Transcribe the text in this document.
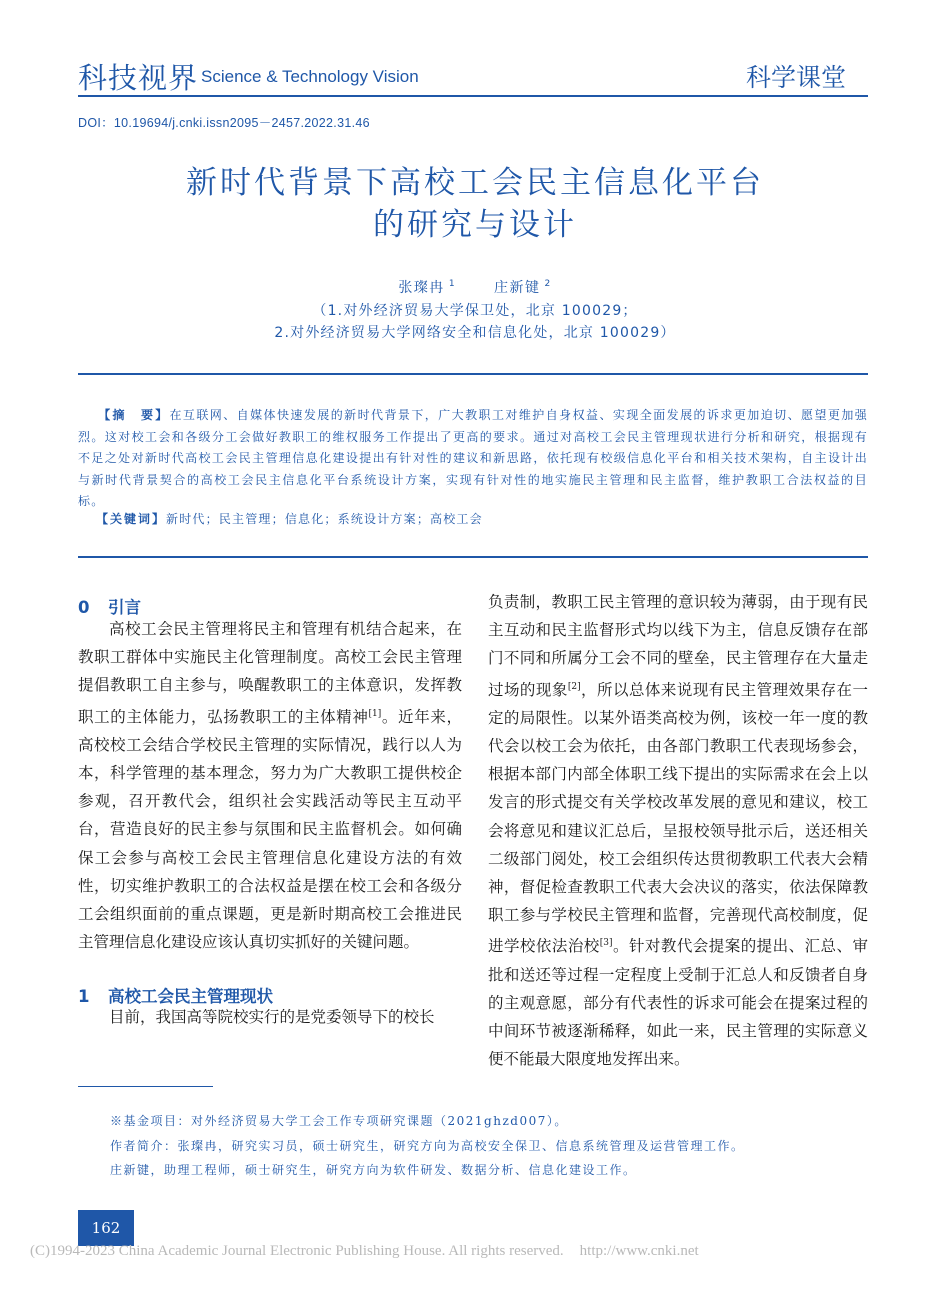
科技视界 Science & Technology Vision	科学课堂
DOI：10.19694/j.cnki.issn2095－2457.2022.31.46
新时代背景下高校工会民主信息化平台
的研究与设计
张璨冉 $^1$	庄新键 $^2$
（1.对外经济贸易大学保卫处，北京 100029；
2.对外经济贸易大学网络安全和信息化处，北京 100029）
【摘　要】在互联网、自媒体快速发展的新时代背景下，广大教职工对维护自身权益、实现全面发展的诉求更加迫切、愿望更加强烈。这对校工会和各级分工会做好教职工的维权服务工作提出了更高的要求。通过对高校工会民主管理现状进行分析和研究，根据现有不足之处对新时代高校工会民主管理信息化建设提出有针对性的建议和新思路，依托现有校级信息化平台和相关技术架构，自主设计出与新时代背景契合的高校工会民主信息化平台系统设计方案，实现有针对性的地实施民主管理和民主监督，维护教职工合法权益的目标。
【关键词】新时代；民主管理；信息化；系统设计方案；高校工会
0 引言

高校工会民主管理将民主和管理有机结合起来，在教职工群体中实施民主化管理制度。高校工会民主管理提倡教职工自主参与，唤醒教职工的主体意识，发挥教职工的主体能力，弘扬教职工的主体精神[1]。近年来，高校校工会结合学校民主管理的实际情况，践行以人为本，科学管理的基本理念，努力为广大教职工提供校企参观，召开教代会，组织社会实践活动等民主互动平台，营造良好的民主参与氛围和民主监督机会。如何确保工会参与高校工会民主管理信息化建设方法的有效性，切实维护教职工的合法权益是摆在校工会和各级分工会组织面前的重点课题，更是新时期高校工会推进民主管理信息化建设应该认真切实抓好的关键问题。

1 高校工会民主管理现状

目前，我国高等院校实行的是党委领导下的校长

负责制，教职工民主管理的意识较为薄弱，由于现有民主互动和民主监督形式均以线下为主，信息反馈存在部门不同和所属分工会不同的壁垒，民主管理存在大量走过场的现象[2]，所以总体来说现有民主管理效果存在一定的局限性。以某外语类高校为例，该校一年一度的教代会以校工会为依托，由各部门教职工代表现场参会，根据本部门内部全体职工线下提出的实际需求在会上以发言的形式提交有关学校改革发展的意见和建议，校工会将意见和建议汇总后，呈报校领导批示后，送还相关二级部门阅处，校工会组织传达贯彻教职工代表大会精神，督促检查教职工代表大会决议的落实，依法保障教职工参与学校民主管理和监督，完善现代高校制度，促进学校依法治校[3]。针对教代会提案的提出、汇总、审批和送还等过程一定程度上受制于汇总人和反馈者自身的主观意愿，部分有代表性的诉求可能会在提案过程的中间环节被逐渐稀释，如此一来，民主管理的实际意义便不能最大限度地发挥出来。

※基金项目：对外经济贸易大学工会工作专项研究课题（2021ghzd007）。
作者简介：张璨冉，研究实习员，硕士研究生，研究方向为高校安全保卫、信息系统管理及运营管理工作。
庄新键，助理工程师，硕士研究生，研究方向为软件研发、数据分析、信息化建设工作。
162
(C)1994-2023 China Academic Journal Electronic Publishing House. All rights reserved. http://www.cnki.net
